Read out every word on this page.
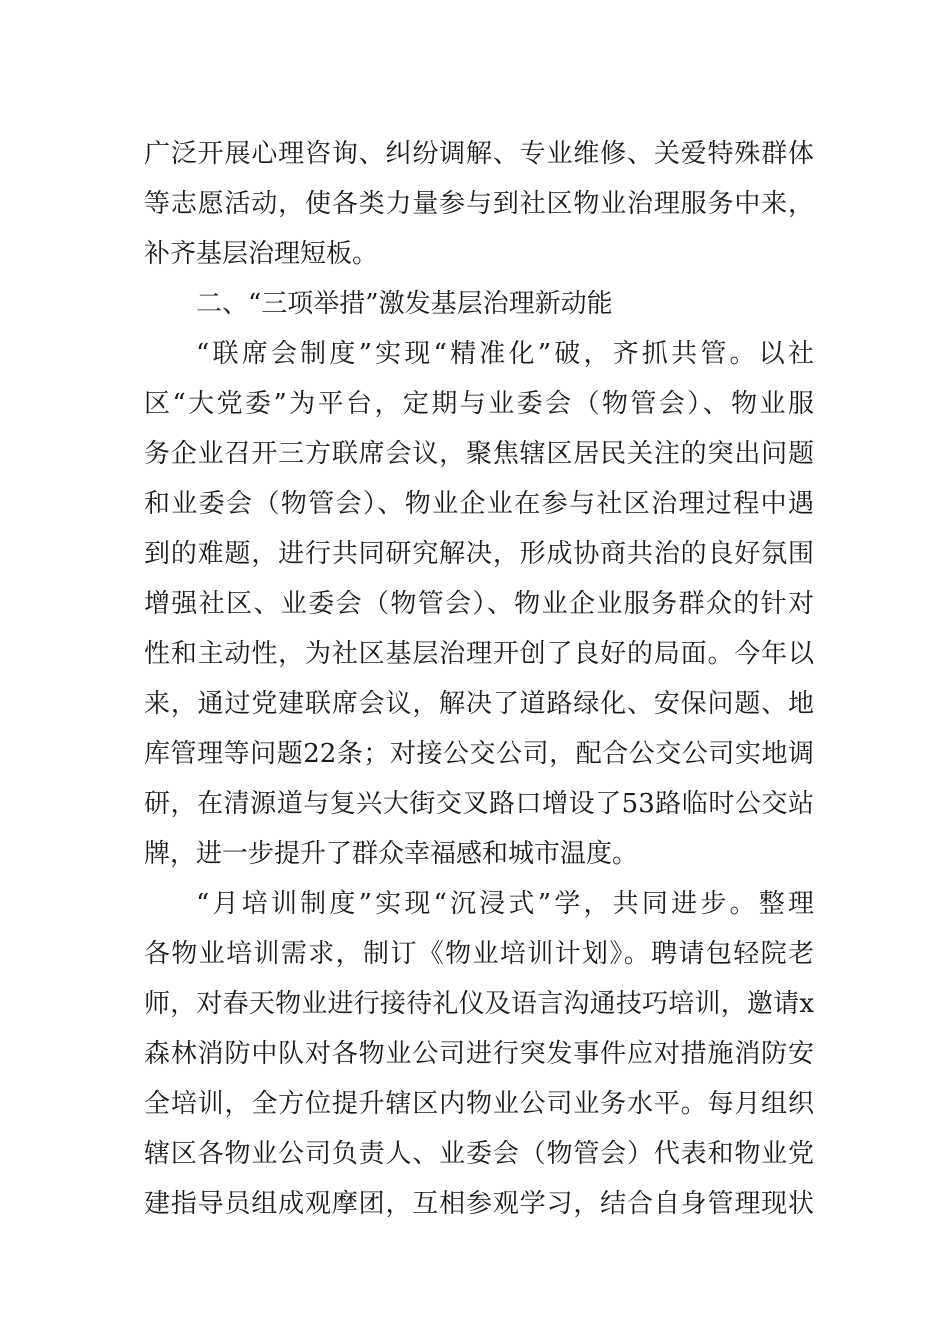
广泛开展心理咨询、纠纷调解、专业维修、关爱特殊群体
等志愿活动，使各类力量参与到社区物业治理服务中来，
补齐基层治理短板。
二、“三项举措”激发基层治理新动能
“联席会制度”实现“精准化”破，齐抓共管。以社
区“大党委”为平台，定期与业委会（物管会）、物业服
务企业召开三方联席会议，聚焦辖区居民关注的突出问题
和业委会（物管会）、物业企业在参与社区治理过程中遇
到的难题，进行共同研究解决，形成协商共治的良好氛围
增强社区、业委会（物管会）、物业企业服务群众的针对
性和主动性，为社区基层治理开创了良好的局面。今年以
来，通过党建联席会议，解决了道路绿化、安保问题、地
库管理等问题22条；对接公交公司，配合公交公司实地调
研，在清源道与复兴大街交叉路口增设了53路临时公交站
牌，进一步提升了群众幸福感和城市温度。
“月培训制度”实现“沉浸式”学，共同进步。整理
各物业培训需求，制订《物业培训计划》。聘请包轻院老
师，对春天物业进行接待礼仪及语言沟通技巧培训，邀请x
森林消防中队对各物业公司进行突发事件应对措施消防安
全培训，全方位提升辖区内物业公司业务水平。每月组织
辖区各物业公司负责人、业委会（物管会）代表和物业党
建指导员组成观摩团，互相参观学习，结合自身管理现状
